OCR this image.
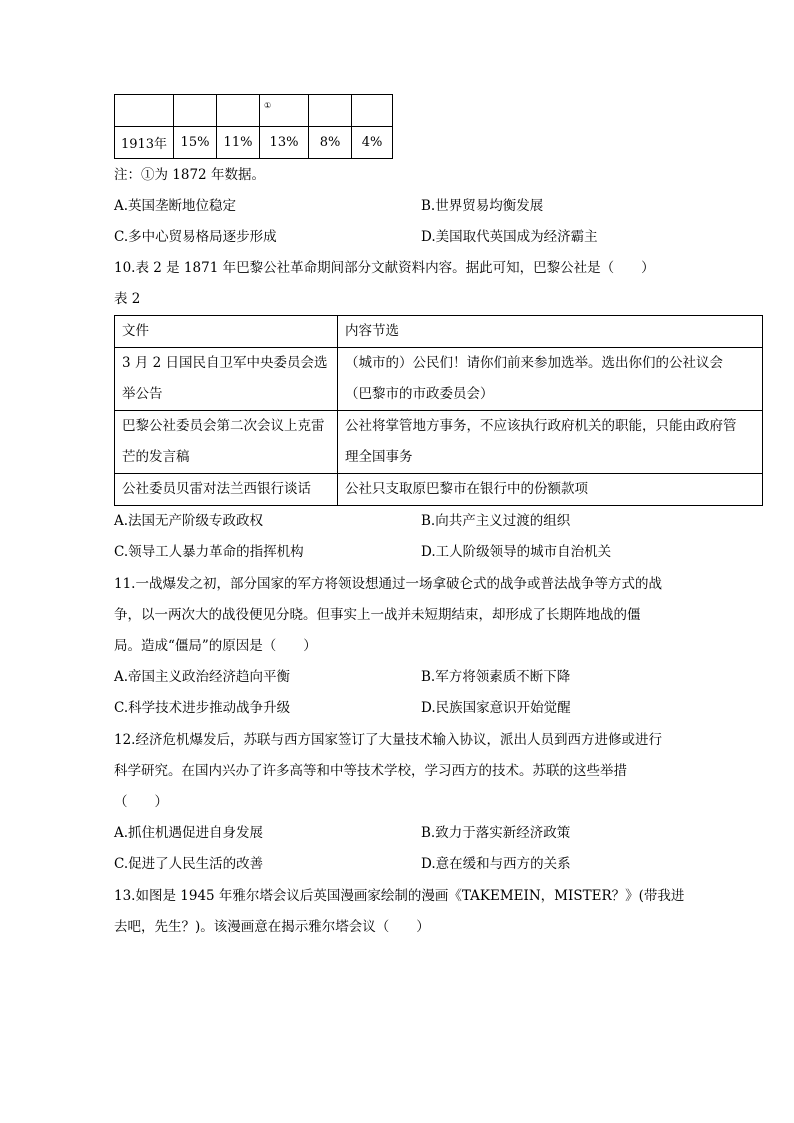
			①		

1913年	15%	11%	13%	8%	4%
注：①为 1872 年数据。
A.英国垄断地位稳定	B.世界贸易均衡发展
C.多中心贸易格局逐步形成	D.美国取代英国成为经济霸主
10.表 2 是 1871 年巴黎公社革命期间部分文献资料内容。据此可知，巴黎公社是（　　）
表 2
文件	内容节选
3 月 2 日国民自卫军中央委员会选
举公告	（城市的）公民们！请你们前来参加选举。选出你们的公社议会
（巴黎市的市政委员会）
巴黎公社委员会第二次会议上克雷
芒的发言稿	公社将掌管地方事务，不应该执行政府机关的职能，只能由政府管
理全国事务
公社委员贝雷对法兰西银行谈话	公社只支取原巴黎市在银行中的份额款项
A.法国无产阶级专政政权	B.向共产主义过渡的组织
C.领导工人暴力革命的指挥机构	D.工人阶级领导的城市自治机关
11.一战爆发之初，部分国家的军方将领设想通过一场拿破仑式的战争或普法战争等方式的战
争，以一两次大的战役便见分晓。但事实上一战并未短期结束，却形成了长期阵地战的僵
局。造成“僵局”的原因是（　　）
A.帝国主义政治经济趋向平衡	B.军方将领素质不断下降
C.科学技术进步推动战争升级	D.民族国家意识开始觉醒
12.经济危机爆发后，苏联与西方国家签订了大量技术输入协议，派出人员到西方进修或进行
科学研究。在国内兴办了许多高等和中等技术学校，学习西方的技术。苏联的这些举措
（　　）
A.抓住机遇促进自身发展	B.致力于落实新经济政策
C.促进了人民生活的改善	D.意在缓和与西方的关系
13.如图是 1945 年雅尔塔会议后英国漫画家绘制的漫画《TAKEMEIN，MISTER？》(带我进
去吧，先生？)。该漫画意在揭示雅尔塔会议（　　）
